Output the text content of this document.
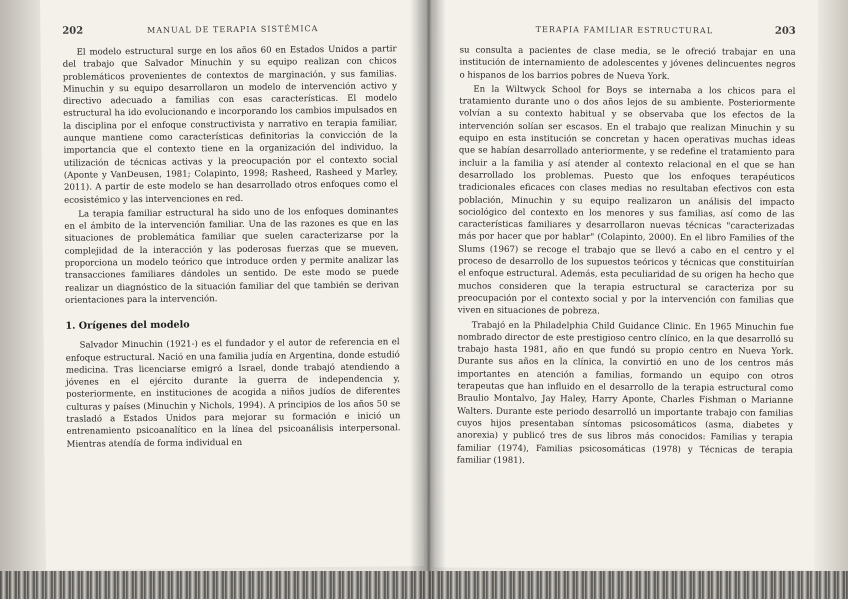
202	MANUAL DE TERAPIA SISTÉMICA

El modelo estructural surge en los años 60 en Estados Unidos a partir del trabajo que Salvador Minuchin y su equipo realizan con chicos problemáticos provenientes de contextos de marginación, y sus familias. Minuchin y su equipo desarrollaron un modelo de intervención activo y directivo adecuado a familias con esas características. El modelo estructural ha ido evolucionando e incorporando los cambios impulsados en la disciplina por el enfoque constructivista y narrativo en terapia familiar, aunque mantiene como características definitorias la convicción de la importancia que el contexto tiene en la organización del individuo, la utilización de técnicas activas y la preocupación por el contexto social (Aponte y VanDeusen, 1981; Colapinto, 1998; Rasheed, Rasheed y Marley, 2011). A partir de este modelo se han desarrollado otros enfoques como el ecosistémico y las intervenciones en red.

La terapia familiar estructural ha sido uno de los enfoques dominantes en el ámbito de la intervención familiar. Una de las razones es que en las situaciones de problemática familiar que suelen caracterizarse por la complejidad de la interacción y las poderosas fuerzas que se mueven, proporciona un modelo teórico que introduce orden y permite analizar las transacciones familiares dándoles un sentido. De este modo se puede realizar un diagnóstico de la situación familiar del que también se derivan orientaciones para la intervención.

1. Orígenes del modelo

Salvador Minuchin (1921-) es el fundador y el autor de referencia en el enfoque estructural. Nació en una familia judía en Argentina, donde estudió medicina. Tras licenciarse emigró a Israel, donde trabajó atendiendo a jóvenes en el ejército durante la guerra de independencia y, posteriormente, en instituciones de acogida a niños judíos de diferentes culturas y países (Minuchin y Nichols, 1994). A principios de los años 50 se trasladó a Estados Unidos para mejorar su formación e inició un entrenamiento psicoanalítico en la línea del psicoanálisis interpersonal. Mientras atendía de forma individual en

TERAPIA FAMILIAR ESTRUCTURAL	203

su consulta a pacientes de clase media, se le ofreció trabajar en una institución de internamiento de adolescentes y jóvenes delincuentes negros o hispanos de los barrios pobres de Nueva York.

En la Wiltwyck School for Boys se internaba a los chicos para el tratamiento durante uno o dos años lejos de su ambiente. Posteriormente volvían a su contexto habitual y se observaba que los efectos de la intervención solían ser escasos. En el trabajo que realizan Minuchin y su equipo en esta institución se concretan y hacen operativas muchas ideas que se habían desarrollado anteriormente, y se redefine el tratamiento para incluir a la familia y así atender al contexto relacional en el que se han desarrollado los problemas. Puesto que los enfoques terapéuticos tradicionales eficaces con clases medias no resultaban efectivos con esta población, Minuchin y su equipo realizaron un análisis del impacto sociológico del contexto en los menores y sus familias, así como de las características familiares y desarrollaron nuevas técnicas "caracterizadas más por hacer que por hablar" (Colapinto, 2000). En el libro Families of the Slums (1967) se recoge el trabajo que se llevó a cabo en el centro y el proceso de desarrollo de los supuestos teóricos y técnicas que constituirían el enfoque estructural. Además, esta peculiaridad de su origen ha hecho que muchos consideren que la terapia estructural se caracteriza por su preocupación por el contexto social y por la intervención con familias que viven en situaciones de pobreza.

Trabajó en la Philadelphia Child Guidance Clinic. En 1965 Minuchin fue nombrado director de este prestigioso centro clínico, en la que desarrolló su trabajo hasta 1981, año en que fundó su propio centro en Nueva York. Durante sus años en la clínica, la convirtió en uno de los centros más importantes en atención a familias, formando un equipo con otros terapeutas que han influido en el desarrollo de la terapia estructural como Braulio Montalvo, Jay Haley, Harry Aponte, Charles Fishman o Marianne Walters. Durante este periodo desarrolló un importante trabajo con familias cuyos hijos presentaban síntomas psicosomáticos (asma, diabetes y anorexia) y publicó tres de sus libros más conocidos: Familias y terapia familiar (1974), Familias psicosomáticas (1978) y Técnicas de terapia familiar (1981).
